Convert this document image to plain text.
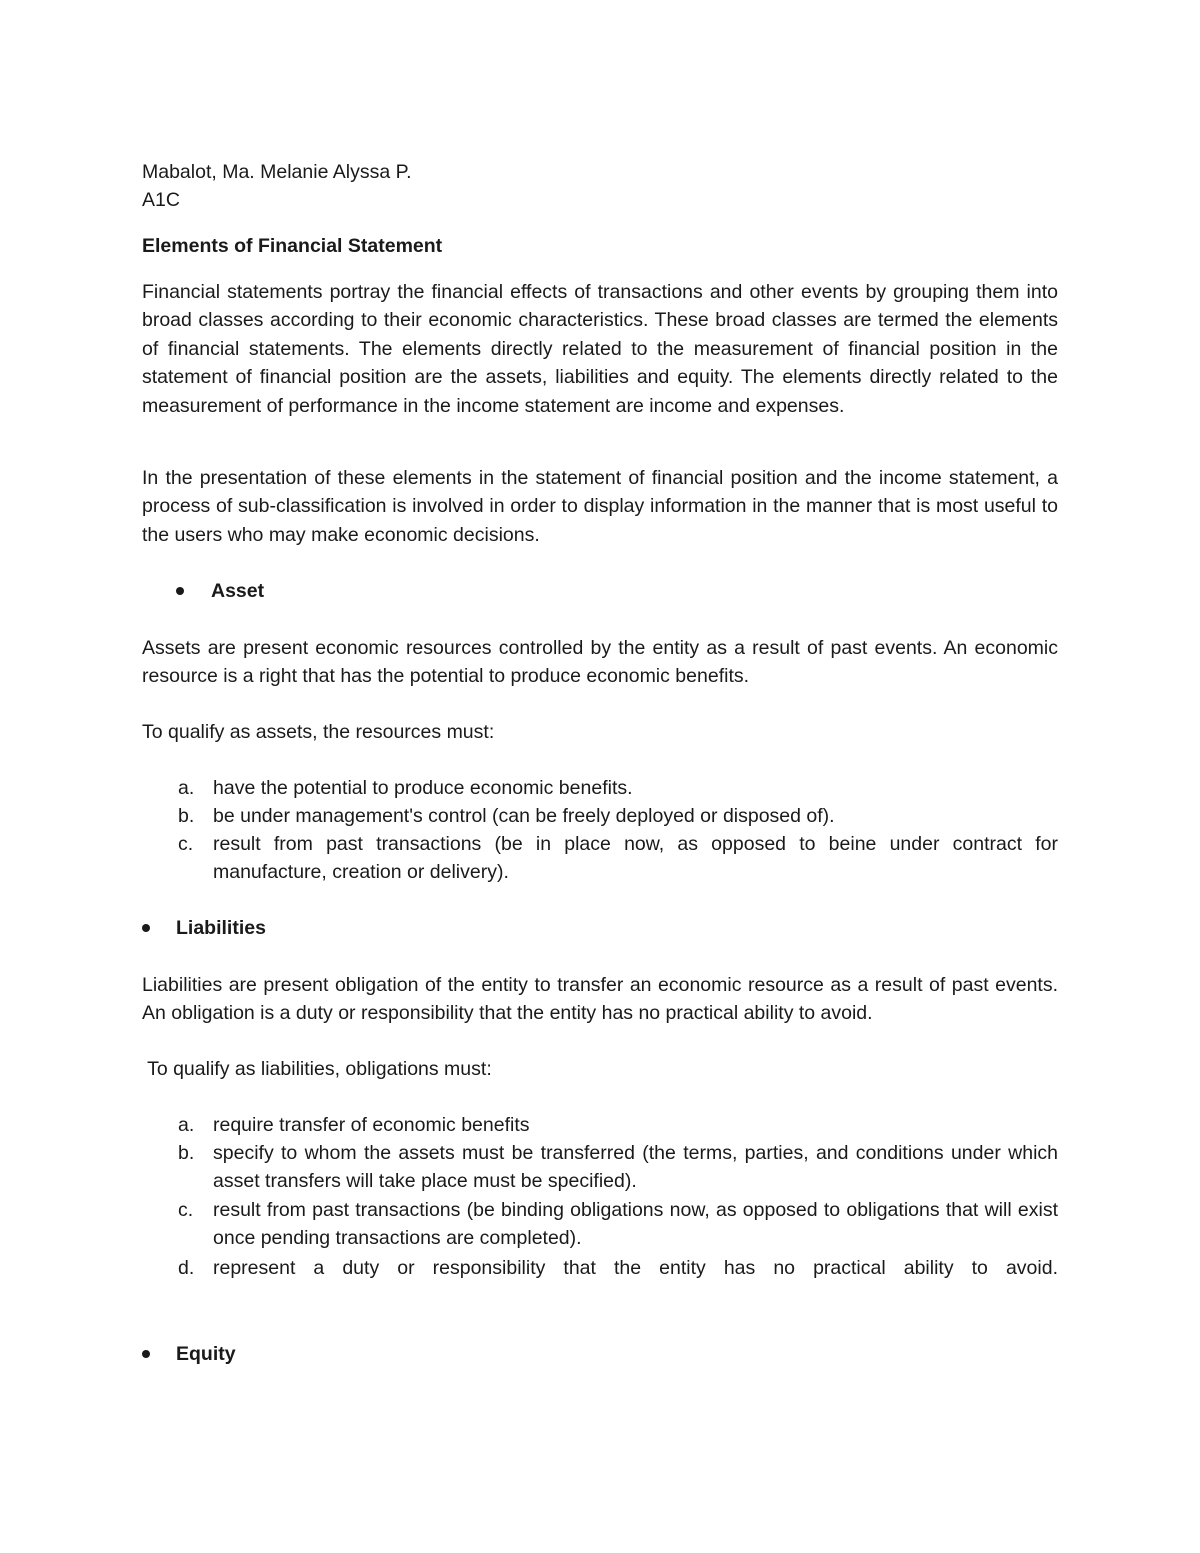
Mabalot, Ma. Melanie Alyssa P.
A1C
Elements of Financial Statement

Financial statements portray the financial effects of transactions and other events by grouping them into broad classes according to their economic characteristics. These broad classes are termed the elements of financial statements. The elements directly related to the measurement of financial position in the statement of financial position are the assets, liabilities and equity. The elements directly related to the measurement of performance in the income statement are income and expenses.

In the presentation of these elements in the statement of financial position and the income statement, a process of sub-classification is involved in order to display information in the manner that is most useful to the users who may make economic decisions.

Asset

Assets are present economic resources controlled by the entity as a result of past events. An economic resource is a right that has the potential to produce economic benefits.

To qualify as assets, the resources must:
a. have the potential to produce economic benefits.
b. be under management's control (can be freely deployed or disposed of).
c. result from past transactions (be in place now, as opposed to beine under contract for manufacture, creation or delivery).
Liabilities

Liabilities are present obligation of the entity to transfer an economic resource as a result of past events. An obligation is a duty or responsibility that the entity has no practical ability to avoid.

To qualify as liabilities, obligations must:
a. require transfer of economic benefits
b. specify to whom the assets must be transferred (the terms, parties, and conditions under which asset transfers will take place must be specified).
c. result from past transactions (be binding obligations now, as opposed to obligations that will exist once pending transactions are completed).
d. represent a duty or responsibility that the entity has no practical ability to avoid.
Equity
